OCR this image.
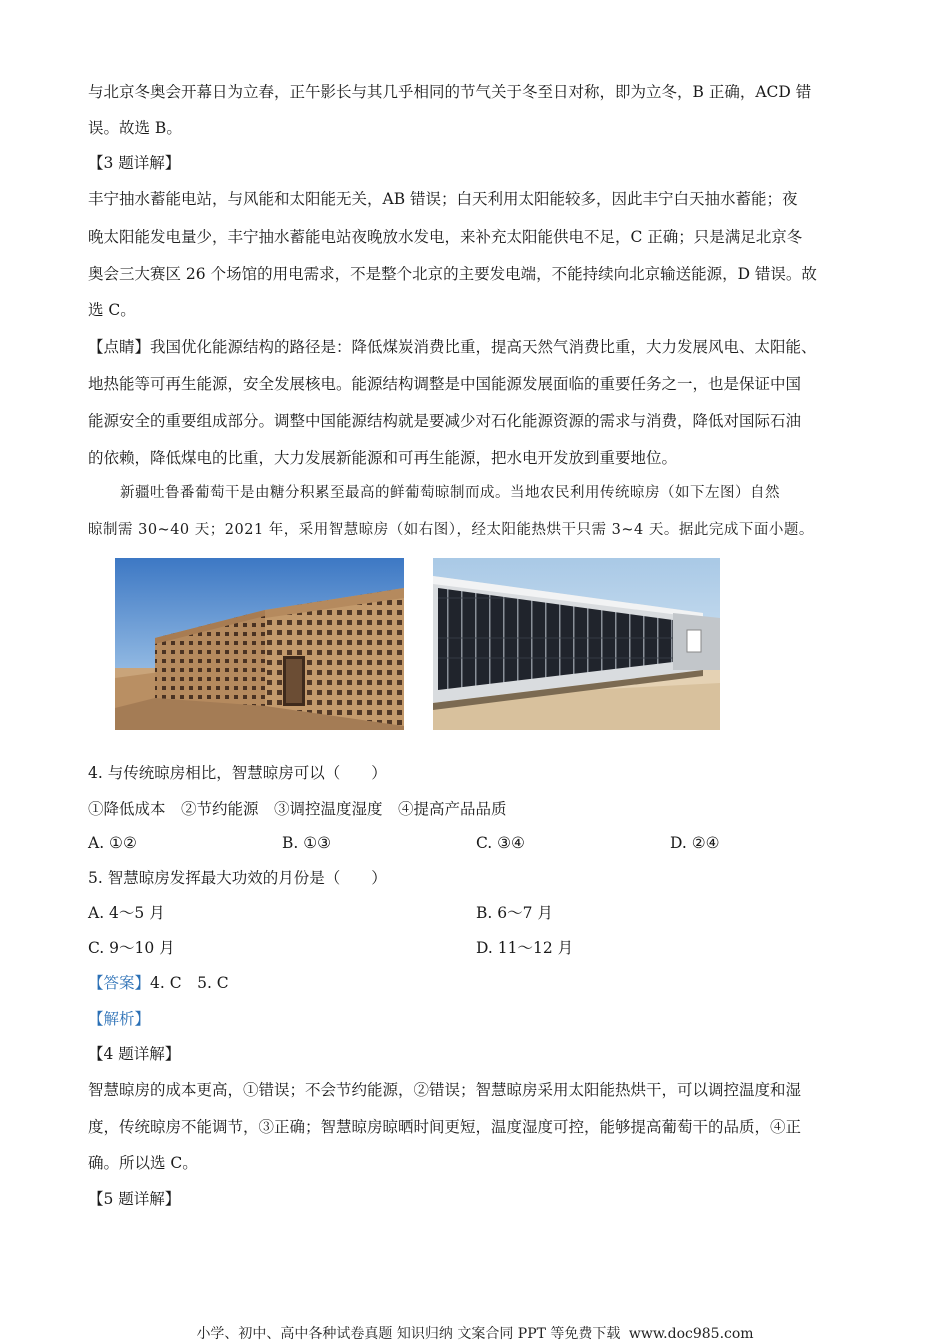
与北京冬奥会开幕日为立春，正午影长与其几乎相同的节气关于冬至日对称，即为立冬，B 正确，ACD 错
误。故选 B。
【3 题详解】
丰宁抽水蓄能电站，与风能和太阳能无关，AB 错误；白天利用太阳能较多，因此丰宁白天抽水蓄能；夜
晚太阳能发电量少，丰宁抽水蓄能电站夜晚放水发电，来补充太阳能供电不足，C 正确；只是满足北京冬
奥会三大赛区 26 个场馆的用电需求，不是整个北京的主要发电端，不能持续向北京输送能源，D 错误。故
选 C。
【点睛】我国优化能源结构的路径是：降低煤炭消费比重，提高天然气消费比重，大力发展风电、太阳能、
地热能等可再生能源，安全发展核电。能源结构调整是中国能源发展面临的重要任务之一，也是保证中国
能源安全的重要组成部分。调整中国能源结构就是要减少对石化能源资源的需求与消费，降低对国际石油
的依赖，降低煤电的比重，大力发展新能源和可再生能源，把水电开发放到重要地位。
新疆吐鲁番葡萄干是由糖分积累至最高的鲜葡萄晾制而成。当地农民利用传统晾房（如下左图）自然
晾制需 30~40 天；2021 年，采用智慧晾房（如右图），经太阳能热烘干只需 3~4 天。据此完成下面小题。
4. 与传统晾房相比，智慧晾房可以（　　）
①降低成本　②节约能源　③调控温度湿度　④提高产品品质
A. ①②	B. ①③	C. ③④	D. ②④
5. 智慧晾房发挥最大功效的月份是（　　）
A. 4～5 月	B. 6～7 月
C. 9～10 月	D. 11～12 月
【答案】4. C　5. C
【解析】
【4 题详解】
智慧晾房的成本更高，①错误；不会节约能源，②错误；智慧晾房采用太阳能热烘干，可以调控温度和湿
度，传统晾房不能调节，③正确；智慧晾房晾晒时间更短，温度湿度可控，能够提高葡萄干的品质，④正
确。所以选 C。
【5 题详解】
小学、初中、高中各种试卷真题 知识归纳 文案合同 PPT 等免费下载 www.doc985.com
